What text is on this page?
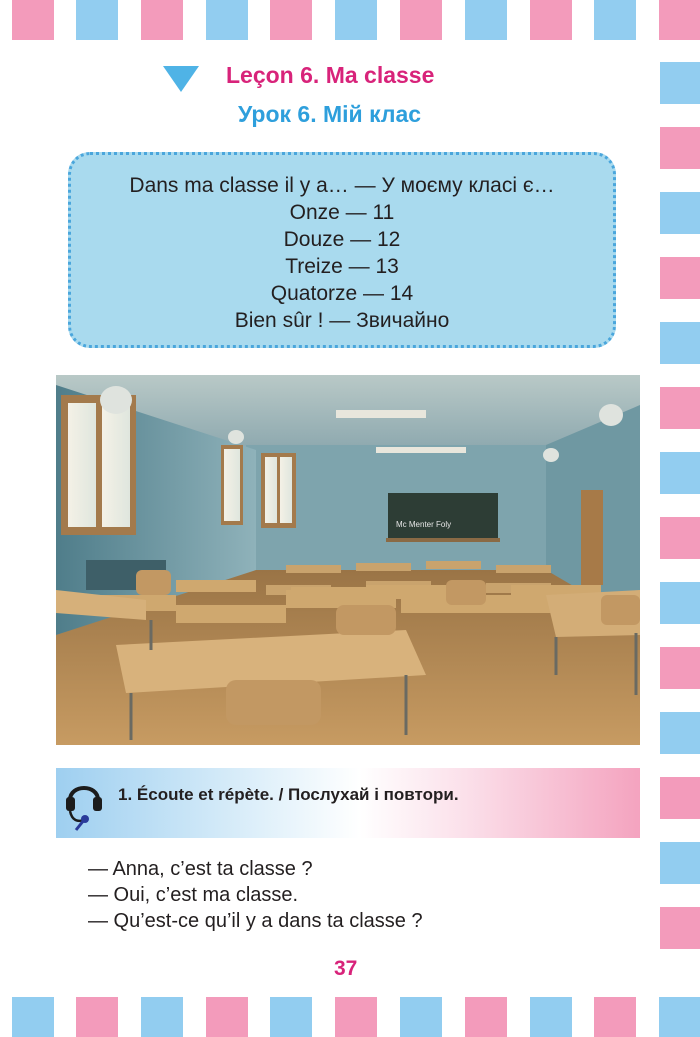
Leçon 6. Ma classe
Урок 6. Мій клас
Dans ma classe il y a… — У моєму класі є…
Onze — 11
Douze — 12
Treize — 13
Quatorze — 14
Bien sûr ! — Звичайно
Mc Menter Foly
1. Écoute et répète. / Послухай і повтори.
— Anna, c’est ta classe ?
— Oui, c’est ma classe.
— Qu’est-ce qu’il y a dans ta classe ?
37
